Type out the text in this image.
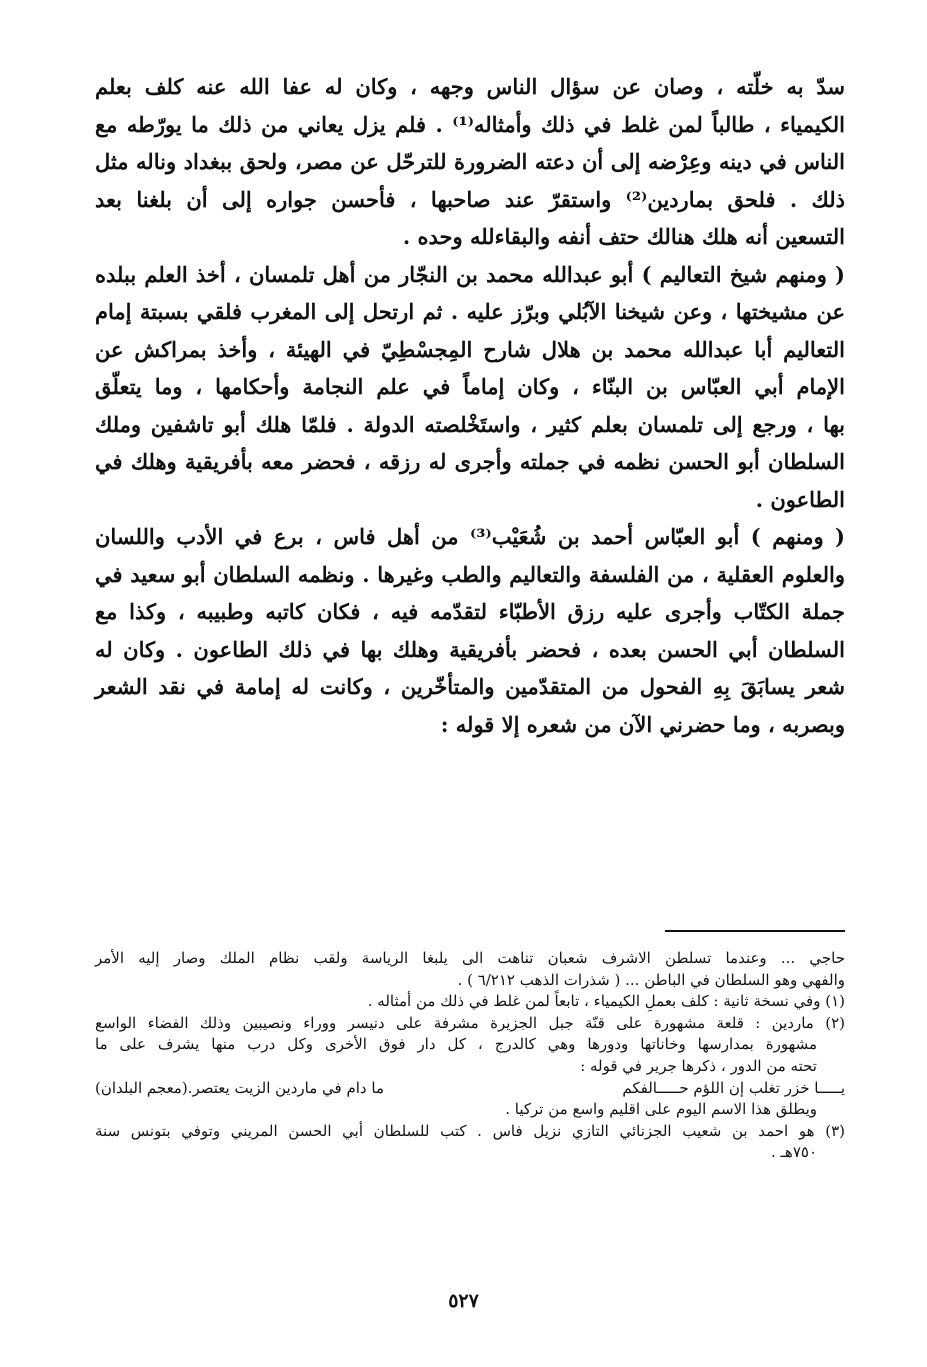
سدّ به خلّته ، وصان عن سؤال الناس وجهه ، وكان له عفا الله عنه كلف بعلم
الكيمياء ، طالباً لمن غلط في ذلك وأمثاله⁽¹⁾ . فلم يزل يعاني من ذلك ما يورّطه مع
الناس في دينه وعِرْضه إلى أن دعته الضرورة للترحّل عن مصر، ولحق ببغداد وناله مثل
ذلك . فلحق بماردين⁽²⁾ واستقرّ عند صاحبها ، فأحسن جواره إلى أن بلغنا بعد
التسعين أنه هلك هنالك حتف أنفه والبقاءلله وحده .
( ومنهم شيخ التعاليم ) أبو عبدالله محمد بن النجّار من أهل تلمسان ، أخذ العلم ببلده
عن مشيختها ، وعن شيخنا الآبُلي وبرّز عليه . ثم ارتحل إلى المغرب فلقي بسبتة إمام
التعاليم أبا عبدالله محمد بن هلال شارح المِجسْطِيّ في الهيئة ، وأخذ بمراكش عن
الإمام أبي العبّاس بن البنّاء ، وكان إماماً في علم النجامة وأحكامها ، وما يتعلّق
بها ، ورجع إلى تلمسان بعلم كثير ، واستَخْلصته الدولة . فلمّا هلك أبو تاشفين وملك
السلطان أبو الحسن نظمه في جملته وأجرى له رزقه ، فحضر معه بأفريقية وهلك في
الطاعون .
( ومنهم ) أبو العبّاس أحمد بن شُعَيْب⁽³⁾ من أهل فاس ، برع في الأدب واللسان
والعلوم العقلية ، من الفلسفة والتعاليم والطب وغيرها . ونظمه السلطان أبو سعيد في
جملة الكتّاب وأجرى عليه رزق الأطبّاء لتقدّمه فيه ، فكان كاتبه وطبيبه ، وكذا مع
السلطان أبي الحسن بعده ، فحضر بأفريقية وهلك بها في ذلك الطاعون . وكان له
شعر يسابَقَ بِهِ الفحول من المتقدّمين والمتأخّرين ، وكانت له إمامة في نقد الشعر
وبصربه ، وما حضرني الآن من شعره إلا قوله :

حاجي ... وعندما تسلطن الاشرف شعبان تناهت الى يلبغا الرياسة ولقب نظام الملك وصار إليه الأمر
والفهي وهو السلطان في الباطن ... ( شذرات الذهب ٦/٢١٢ ) .
(١) وفي نسخة ثانية : كلف بعملِ الكيمياء ، تابعاً لمن غلط في ذلك من أمثاله .
(٢) ماردين : قلعة مشهورة على قنّة جبل الجزيرة مشرفة على دنيسر ووراء ونصيبين وذلك الفضاء الواسع
مشهورة بمدارسها وخاناتها ودورها وهي كالدرج ، كل دار فوق الأخرى وكل درب منها يشرف على ما
تحته من الدور ، ذكرها جرير في قوله :
يـــــا خزر تغلب إن اللؤم حـــــالفكم
ما دام في ماردين الزيت يعتصر.(معجم البلدان)
ويطلق هذا الاسم اليوم على اقليم واسع من تركيا .
(٣) هو احمد بن شعيب الجزنائي التازي نزيل فاس . كتب للسلطان أبي الحسن المريني وتوفي بتونس سنة
٧٥٠هـ .
٥٢٧
